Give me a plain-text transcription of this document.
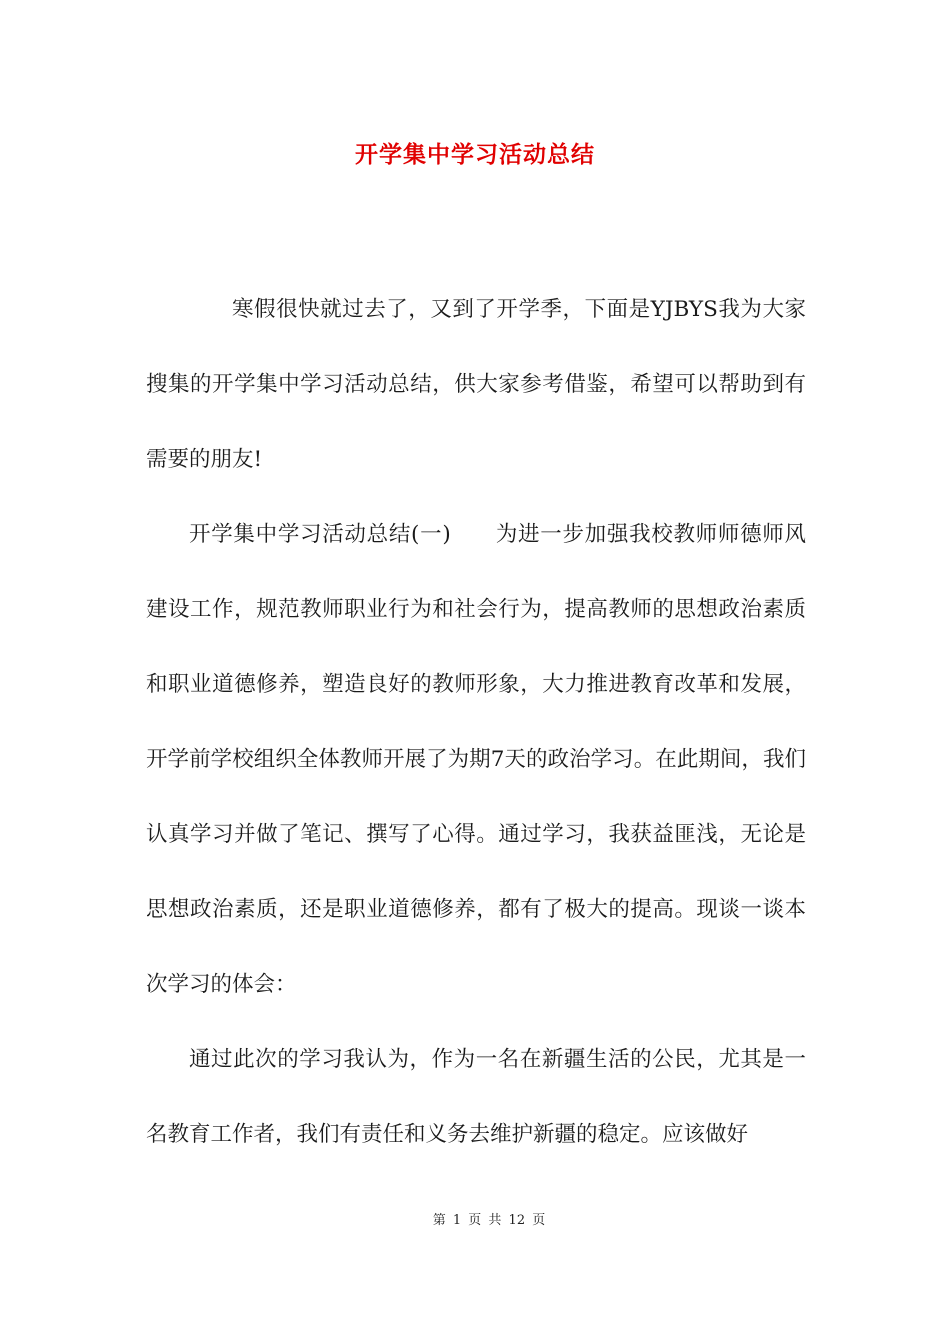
开学集中学习活动总结

寒假很快就过去了，又到了开学季，下面是YJBYS我为大家搜集的开学集中学习活动总结，供大家参考借鉴，希望可以帮助到有需要的朋友!

开学集中学习活动总结(一)　　为进一步加强我校教师师德师风建设工作，规范教师职业行为和社会行为，提高教师的思想政治素质和职业道德修养，塑造良好的教师形象，大力推进教育改革和发展，开学前学校组织全体教师开展了为期7天的政治学习。在此期间，我们认真学习并做了笔记、撰写了心得。通过学习，我获益匪浅，无论是思想政治素质，还是职业道德修养，都有了极大的提高。现谈一谈本次学习的体会：

通过此次的学习我认为，作为一名在新疆生活的公民，尤其是一名教育工作者，我们有责任和义务去维护新疆的稳定。应该做好

第 1 页 共 12 页
